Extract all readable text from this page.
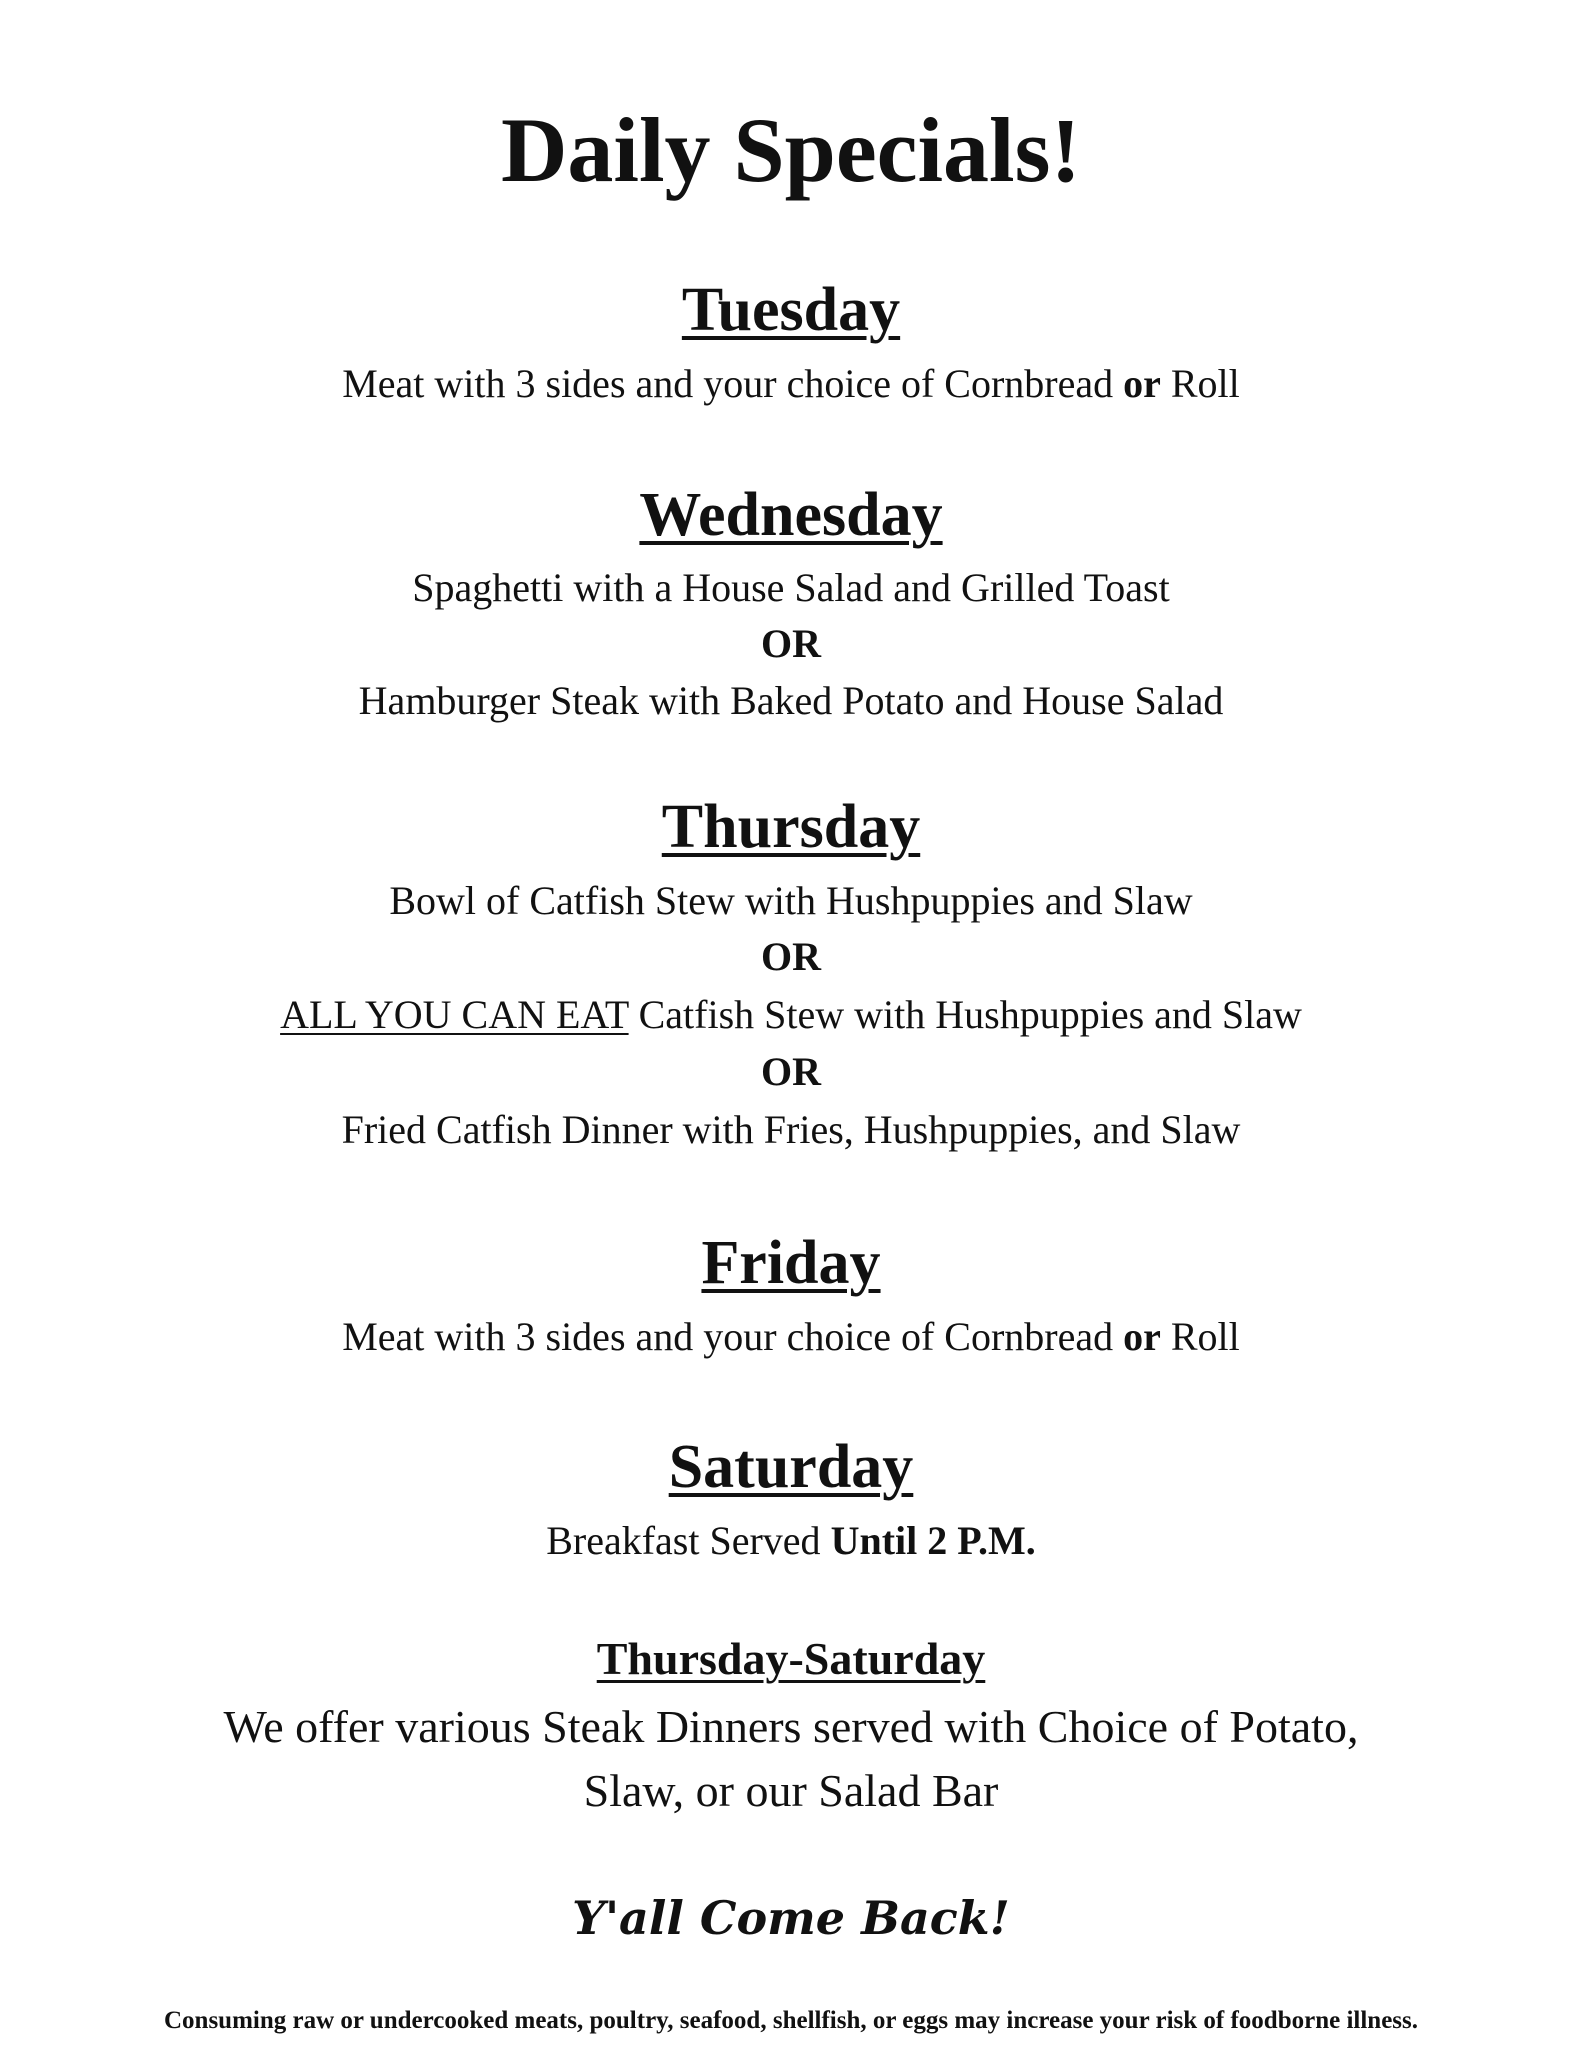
Daily Specials!
Tuesday

Meat with 3 sides and your choice of Cornbread or Roll

Wednesday

Spaghetti with a House Salad and Grilled Toast

OR

Hamburger Steak with Baked Potato and House Salad

Thursday

Bowl of Catfish Stew with Hushpuppies and Slaw

OR

ALL YOU CAN EAT Catfish Stew with Hushpuppies and Slaw

OR

Fried Catfish Dinner with Fries, Hushpuppies, and Slaw

Friday

Meat with 3 sides and your choice of Cornbread or Roll

Saturday

Breakfast Served Until 2 P.M.

Thursday-Saturday

We offer various Steak Dinners served with Choice of Potato,

Slaw, or our Salad Bar

Y'all Come Back!

Consuming raw or undercooked meats, poultry, seafood, shellfish, or eggs may increase your risk of foodborne illness.
